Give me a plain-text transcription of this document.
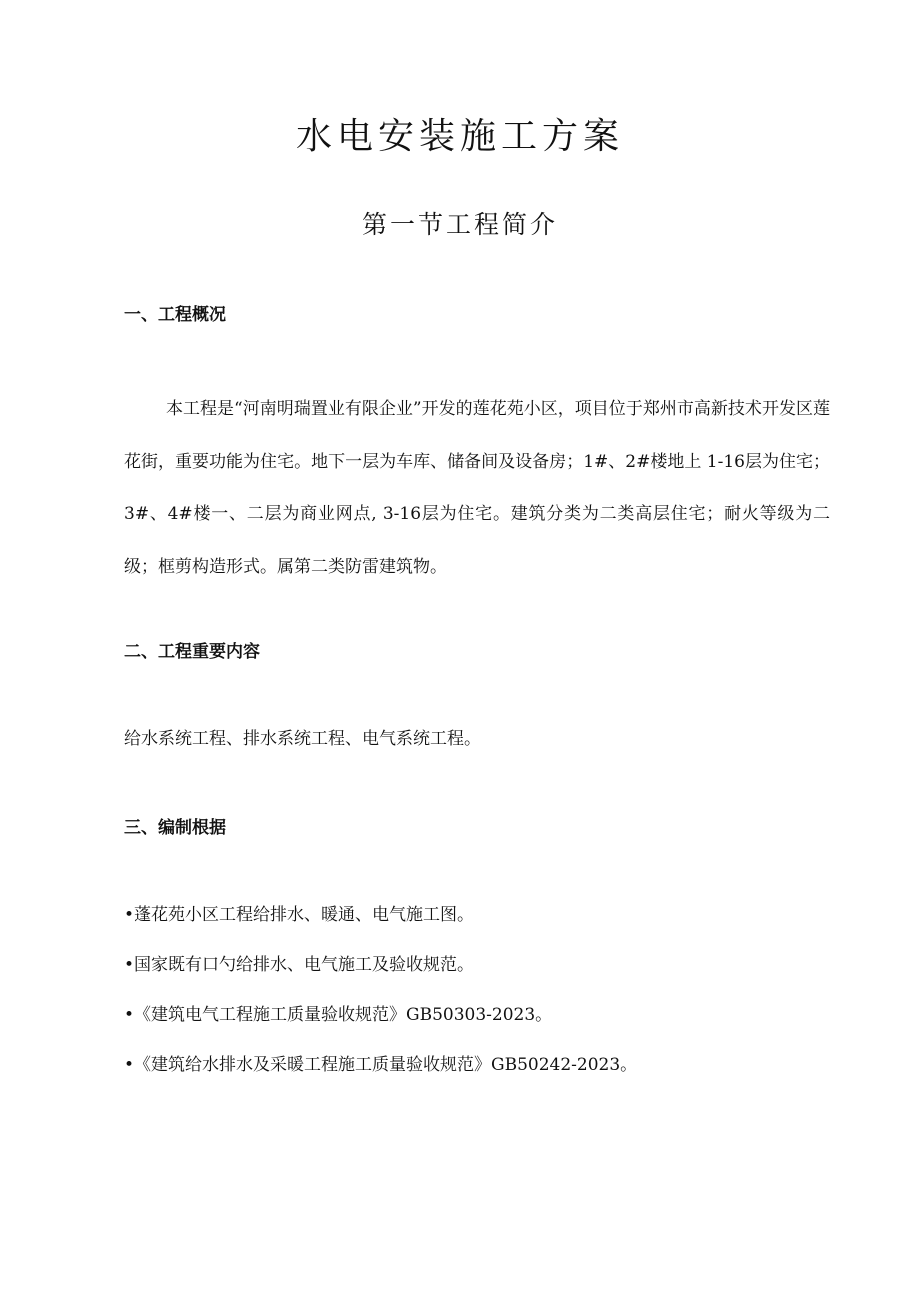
水电安装施工方案
第一节工程简介
一、工程概况

本工程是“河南明瑞置业有限企业”开发的莲花苑小区，项目位于郑州市高新技术开发区莲花街，重要功能为住宅。地下一层为车库、储备间及设备房；1#、2#楼地上 1-16层为住宅；3#、4#楼一、二层为商业网点, 3-16层为住宅。建筑分类为二类高层住宅；耐火等级为二级；框剪构造形式。属第二类防雷建筑物。

二、工程重要内容

给水系统工程、排水系统工程、电气系统工程。

三、编制根据

•蓬花苑小区工程给排水、暖通、电气施工图。

•国家既有口勺给排水、电气施工及验收规范。

•《建筑电气工程施工质量验收规范》GB50303-2023。

•《建筑给水排水及采暖工程施工质量验收规范》GB50242-2023。
